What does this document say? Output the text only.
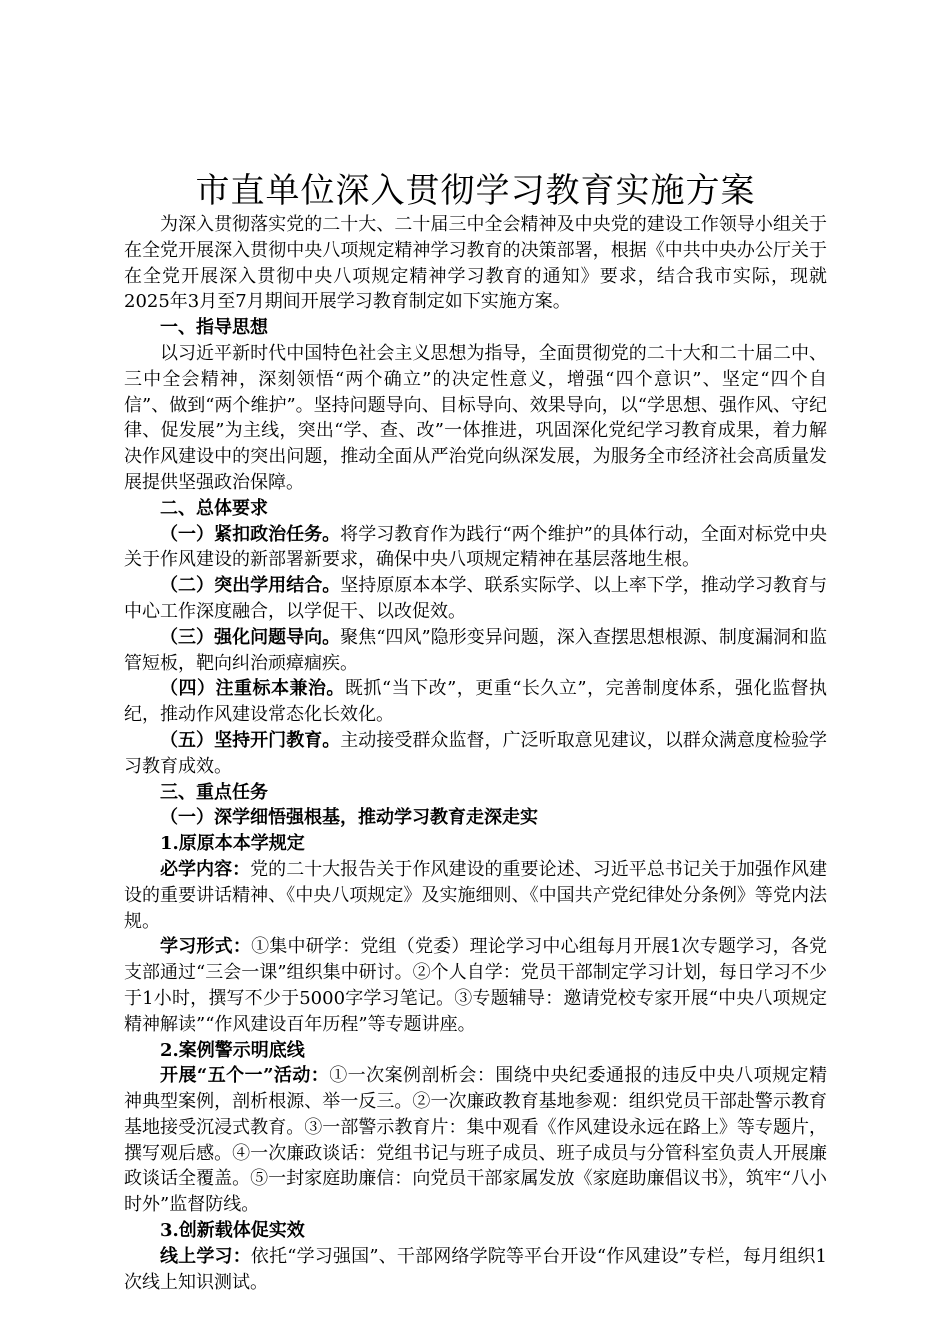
市直单位深入贯彻学习教育实施方案

为深入贯彻落实党的二十大、二十届三中全会精神及中央党的建设工作领导小组关于在全党开展深入贯彻中央八项规定精神学习教育的决策部署，根据《中共中央办公厅关于在全党开展深入贯彻中央八项规定精神学习教育的通知》要求，结合我市实际，现就2025年3月至7月期间开展学习教育制定如下实施方案。

一、指导思想

以习近平新时代中国特色社会主义思想为指导，全面贯彻党的二十大和二十届二中、三中全会精神，深刻领悟“两个确立”的决定性意义，增强“四个意识”、坚定“四个自信”、做到“两个维护”。坚持问题导向、目标导向、效果导向，以“学思想、强作风、守纪律、促发展”为主线，突出“学、查、改”一体推进，巩固深化党纪学习教育成果，着力解决作风建设中的突出问题，推动全面从严治党向纵深发展，为服务全市经济社会高质量发展提供坚强政治保障。

二、总体要求

（一）紧扣政治任务。将学习教育作为践行“两个维护”的具体行动，全面对标党中央关于作风建设的新部署新要求，确保中央八项规定精神在基层落地生根。

（二）突出学用结合。坚持原原本本学、联系实际学、以上率下学，推动学习教育与中心工作深度融合，以学促干、以改促效。

（三）强化问题导向。聚焦“四风”隐形变异问题，深入查摆思想根源、制度漏洞和监管短板，靶向纠治顽瘴痼疾。

（四）注重标本兼治。既抓“当下改”，更重“长久立”，完善制度体系，强化监督执纪，推动作风建设常态化长效化。

（五）坚持开门教育。主动接受群众监督，广泛听取意见建议，以群众满意度检验学习教育成效。

三、重点任务

（一）深学细悟强根基，推动学习教育走深走实

1.原原本本学规定

必学内容：党的二十大报告关于作风建设的重要论述、习近平总书记关于加强作风建设的重要讲话精神、《中央八项规定》及实施细则、《中国共产党纪律处分条例》等党内法规。

学习形式：①集中研学：党组（党委）理论学习中心组每月开展1次专题学习，各党支部通过“三会一课”组织集中研讨。②个人自学：党员干部制定学习计划，每日学习不少于1小时，撰写不少于5000字学习笔记。③专题辅导：邀请党校专家开展“中央八项规定精神解读”“作风建设百年历程”等专题讲座。

2.案例警示明底线

开展“五个一”活动：①一次案例剖析会：围绕中央纪委通报的违反中央八项规定精神典型案例，剖析根源、举一反三。②一次廉政教育基地参观：组织党员干部赴警示教育基地接受沉浸式教育。③一部警示教育片：集中观看《作风建设永远在路上》等专题片，撰写观后感。④一次廉政谈话：党组书记与班子成员、班子成员与分管科室负责人开展廉政谈话全覆盖。⑤一封家庭助廉信：向党员干部家属发放《家庭助廉倡议书》，筑牢“八小时外”监督防线。

3.创新载体促实效

线上学习：依托“学习强国”、干部网络学院等平台开设“作风建设”专栏，每月组织1次线上知识测试。
